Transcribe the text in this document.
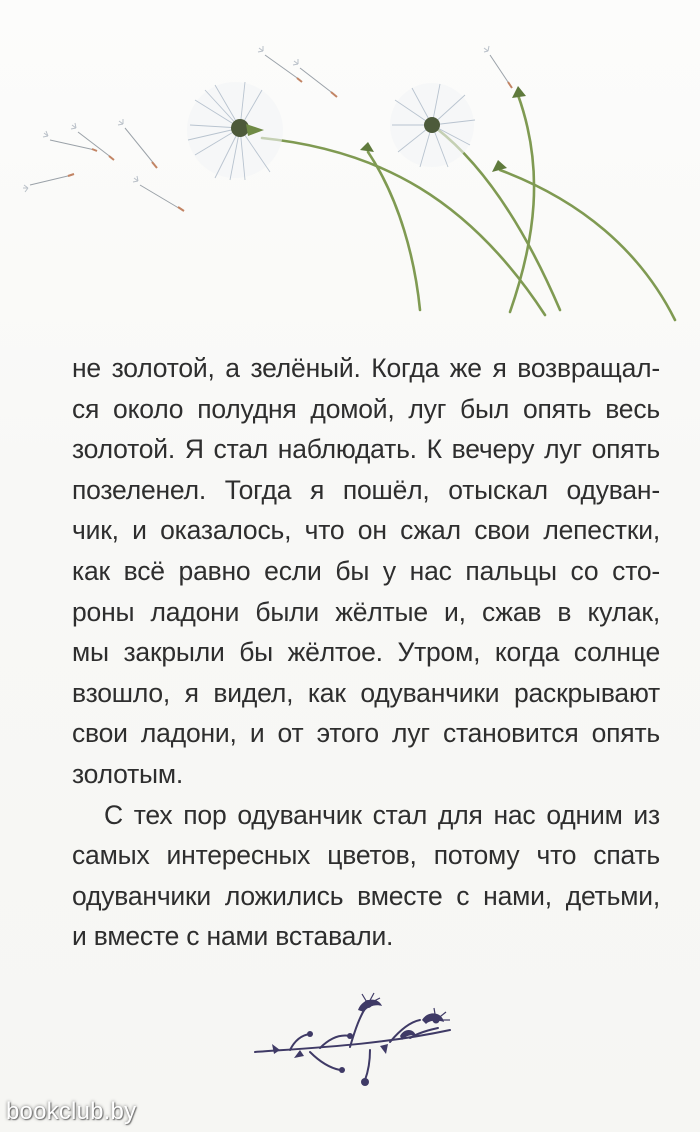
не золотой, а зелёный. Когда же я возвращал-
ся около полудня домой, луг был опять весь
золотой. Я стал наблюдать. К вечеру луг опять
позеленел. Тогда я пошёл, отыскал одуван-
чик, и оказалось, что он сжал свои лепестки,
как всё равно если бы у нас пальцы со сто-
роны ладони были жёлтые и, сжав в кулак,
мы закрыли бы жёлтое. Утром, когда солнце
взошло, я видел, как одуванчики раскрывают
свои ладони, и от этого луг становится опять
золотым.
С тех пор одуванчик стал для нас одним из
самых интересных цветов, потому что спать
одуванчики ложились вместе с нами, детьми,
и вместе с нами вставали.
bookclub.by
